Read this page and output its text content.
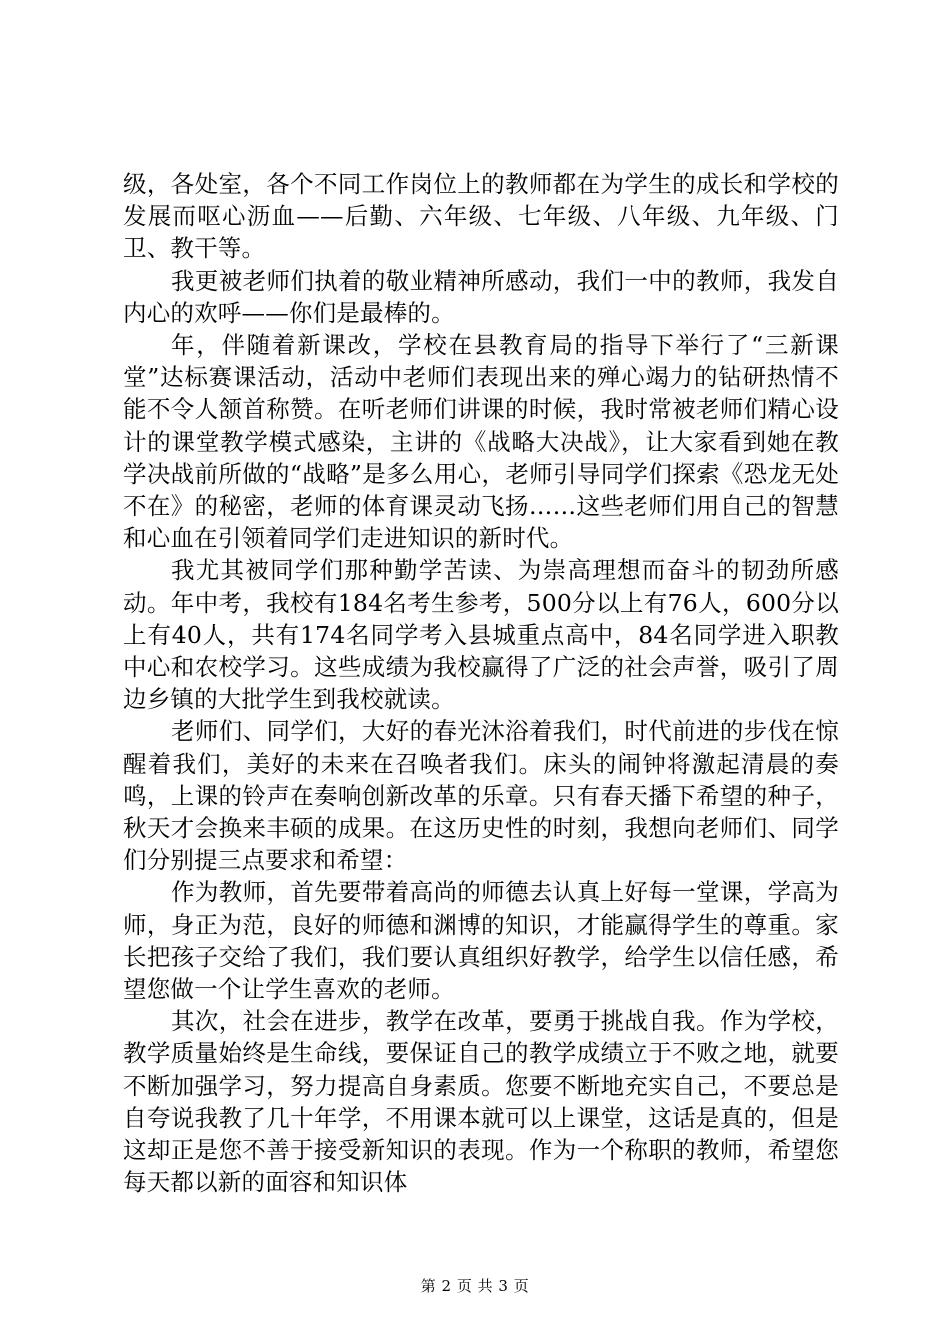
级，各处室，各个不同工作岗位上的教师都在为学生的成长和学校的发展而呕心沥血——后勤、六年级、七年级、八年级、九年级、门卫、教干等。

我更被老师们执着的敬业精神所感动，我们一中的教师，我发自内心的欢呼——你们是最棒的。

年，伴随着新课改，学校在县教育局的指导下举行了“三新课堂”达标赛课活动，活动中老师们表现出来的殚心竭力的钻研热情不能不令人颔首称赞。在听老师们讲课的时候，我时常被老师们精心设计的课堂教学模式感染，主讲的《战略大决战》，让大家看到她在教学决战前所做的“战略”是多么用心，老师引导同学们探索《恐龙无处不在》的秘密，老师的体育课灵动飞扬……这些老师们用自己的智慧和心血在引领着同学们走进知识的新时代。

我尤其被同学们那种勤学苦读、为崇高理想而奋斗的韧劲所感动。年中考，我校有184名考生参考，500分以上有76人，600分以上有40人，共有174名同学考入县城重点高中，84名同学进入职教中心和农校学习。这些成绩为我校赢得了广泛的社会声誉，吸引了周边乡镇的大批学生到我校就读。

老师们、同学们，大好的春光沐浴着我们，时代前进的步伐在惊醒着我们，美好的未来在召唤者我们。床头的闹钟将激起清晨的奏鸣，上课的铃声在奏响创新改革的乐章。只有春天播下希望的种子，秋天才会换来丰硕的成果。在这历史性的时刻，我想向老师们、同学们分别提三点要求和希望：

作为教师，首先要带着高尚的师德去认真上好每一堂课，学高为师，身正为范，良好的师德和渊博的知识，才能赢得学生的尊重。家长把孩子交给了我们，我们要认真组织好教学，给学生以信任感，希望您做一个让学生喜欢的老师。

其次，社会在进步，教学在改革，要勇于挑战自我。作为学校，教学质量始终是生命线，要保证自己的教学成绩立于不败之地，就要不断加强学习，努力提高自身素质。您要不断地充实自己，不要总是自夸说我教了几十年学，不用课本就可以上课堂，这话是真的，但是这却正是您不善于接受新知识的表现。作为一个称职的教师，希望您每天都以新的面容和知识体

第 2 页 共 3 页
